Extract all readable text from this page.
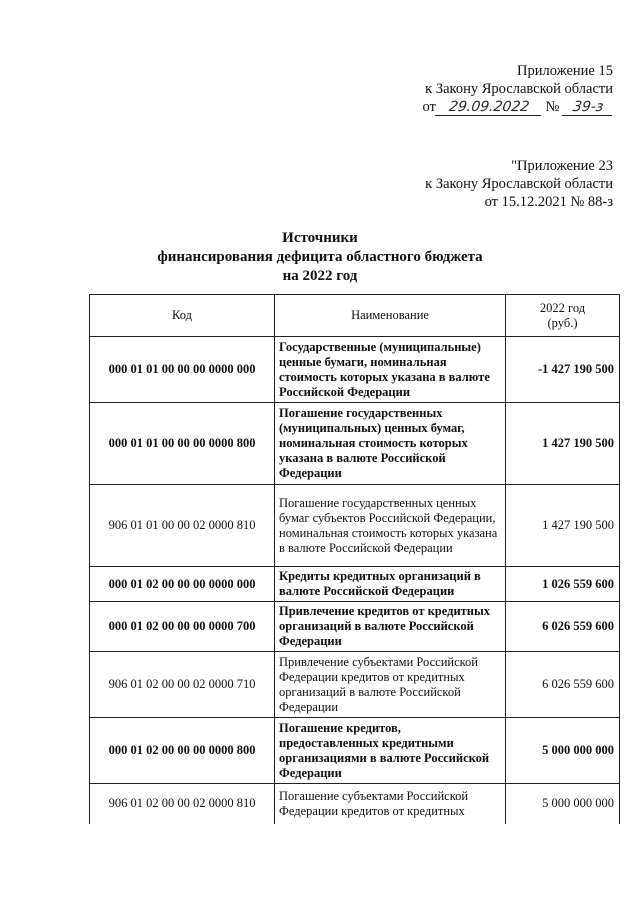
Приложение 15
к Закону Ярославской области
от 29.09.2022 № 39-з
"Приложение 23
к Закону Ярославской области
от 15.12.2021 № 88-з
Источники
финансирования дефицита областного бюджета
на 2022 год
Код	Наименование	2022 год
(руб.)
000 01 01 00 00 00 0000 000	Государственные (муниципальные) ценные бумаги, номинальная стоимость которых указана в валюте Российской Федерации	-1 427 190 500
000 01 01 00 00 00 0000 800	Погашение государственных (муниципальных) ценных бумаг, номинальная стоимость которых указана в валюте Российской Федерации	1 427 190 500
906 01 01 00 00 02 0000 810	Погашение государственных ценных бумаг субъектов Российской Федерации, номинальная стоимость которых указана в валюте Российской Федерации	1 427 190 500
000 01 02 00 00 00 0000 000	Кредиты кредитных организаций в валюте Российской Федерации	1 026 559 600
000 01 02 00 00 00 0000 700	Привлечение кредитов от кредитных организаций в валюте Российской Федерации	6 026 559 600
906 01 02 00 00 02 0000 710	Привлечение субъектами Российской Федерации кредитов от кредитных организаций в валюте Российской Федерации	6 026 559 600
000 01 02 00 00 00 0000 800	Погашение кредитов, предоставленных кредитными организациями в валюте Российской Федерации	5 000 000 000
906 01 02 00 00 02 0000 810	Погашение субъектами Российской Федерации кредитов от кредитных	5 000 000 000
